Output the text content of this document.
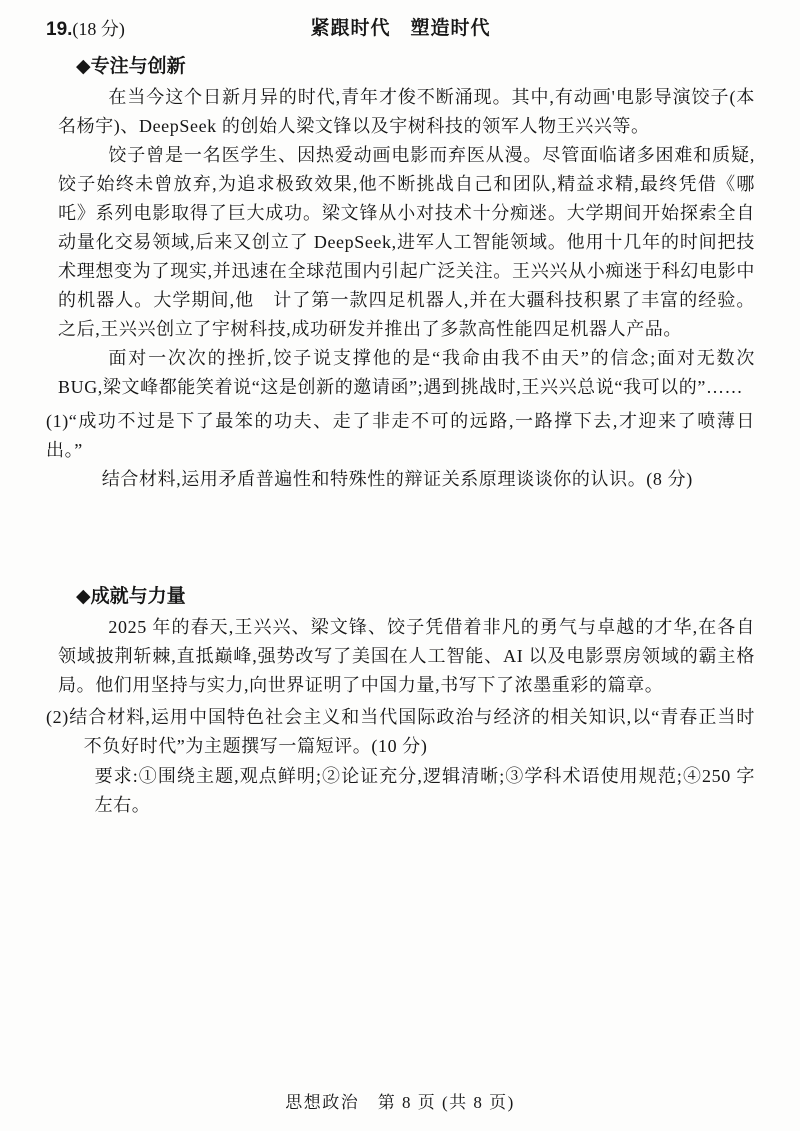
紧跟时代　塑造时代
19.(18 分)
◆专注与创新

在当今这个日新月异的时代,青年才俊不断涌现。其中,有动画'电影导演饺子(本名杨宇)、DeepSeek 的创始人梁文锋以及宇树科技的领军人物王兴兴等。

饺子曾是一名医学生、因热爱动画电影而弃医从漫。尽管面临诸多困难和质疑,饺子始终未曾放弃,为追求极致效果,他不断挑战自己和团队,精益求精,最终凭借《哪吒》系列电影取得了巨大成功。梁文锋从小对技术十分痴迷。大学期间开始探索全自动量化交易领域,后来又创立了 DeepSeek,进军人工智能领域。他用十几年的时间把技术理想变为了现实,并迅速在全球范围内引起广泛关注。王兴兴从小痴迷于科幻电影中的机器人。大学期间,他　计了第一款四足机器人,并在大疆科技积累了丰富的经验。之后,王兴兴创立了宇树科技,成功研发并推出了多款高性能四足机器人产品。

面对一次次的挫折,饺子说支撑他的是“我命由我不由天”的信念;面对无数次 BUG,梁文峰都能笑着说“这是创新的邀请函”;遇到挑战时,王兴兴总说“我可以的”……

(1)“成功不过是下了最笨的功夫、走了非走不可的远路,一路撑下去,才迎来了喷薄日出。”
结合材料,运用矛盾普遍性和特殊性的辩证关系原理谈谈你的认识。(8 分)
◆成就与力量

2025 年的春天,王兴兴、梁文锋、饺子凭借着非凡的勇气与卓越的才华,在各自领域披荆斩棘,直抵巅峰,强势改写了美国在人工智能、AI 以及电影票房领域的霸主格局。他们用坚持与实力,向世界证明了中国力量,书写下了浓墨重彩的篇章。

(2)结合材料,运用中国特色社会主义和当代国际政治与经济的相关知识,以“青春正当时 不负好时代”为主题撰写一篇短评。(10 分)
要求:①围绕主题,观点鲜明;②论证充分,逻辑清晰;③学科术语使用规范;④250 字左右。
思想政治　第 8 页 (共 8 页)
